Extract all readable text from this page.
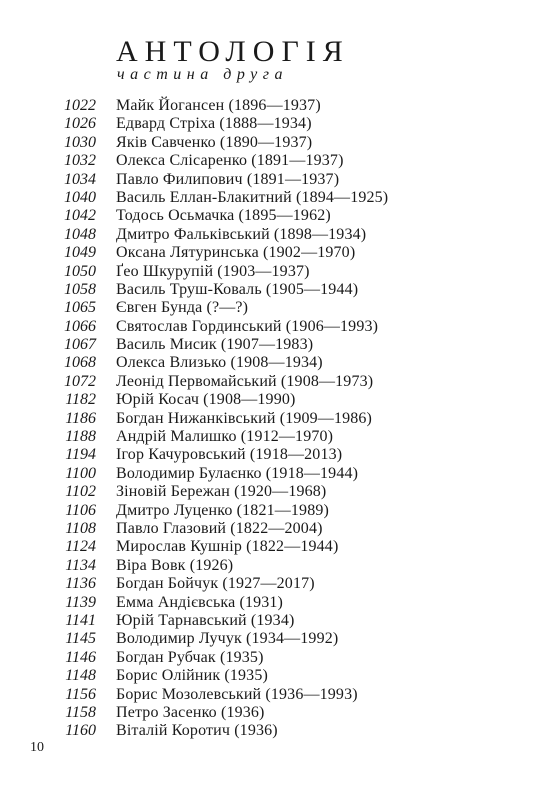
АНТОЛОГІЯ
частина друга
1022 Майк Йогансен (1896—1937)
1026 Едвард Стріха (1888—1934)
1030 Яків Савченко (1890—1937)
1032 Олекса Слісаренко (1891—1937)
1034 Павло Филипович (1891—1937)
1040 Василь Еллан-Блакитний (1894—1925)
1042 Тодось Осьмачка (1895—1962)
1048 Дмитро Фальківський (1898—1934)
1049 Оксана Лятуринська (1902—1970)
1050 Ґео Шкурупій (1903—1937)
1058 Василь Труш-Коваль (1905—1944)
1065 Євген Бунда (?—?)
1066 Святослав Гординський (1906—1993)
1067 Василь Мисик (1907—1983)
1068 Олекса Влизько (1908—1934)
1072 Леонід Первомайський (1908—1973)
1182 Юрій Косач (1908—1990)
1186 Богдан Нижанківський (1909—1986)
1188 Андрій Малишко (1912—1970)
1194 Ігор Качуровський (1918—2013)
1100 Володимир Булаєнко (1918—1944)
1102 Зіновій Бережан (1920—1968)
1106 Дмитро Луценко (1821—1989)
1108 Павло Глазовий (1822—2004)
1124 Мирослав Кушнір (1822—1944)
1134 Віра Вовк (1926)
1136 Богдан Бойчук (1927—2017)
1139 Емма Андієвська (1931)
1141 Юрій Тарнавський (1934)
1145 Володимир Лучук (1934—1992)
1146 Богдан Рубчак (1935)
1148 Борис Олійник (1935)
1156 Борис Мозолевський (1936—1993)
1158 Петро Засенко (1936)
1160 Віталій Коротич (1936)
10
